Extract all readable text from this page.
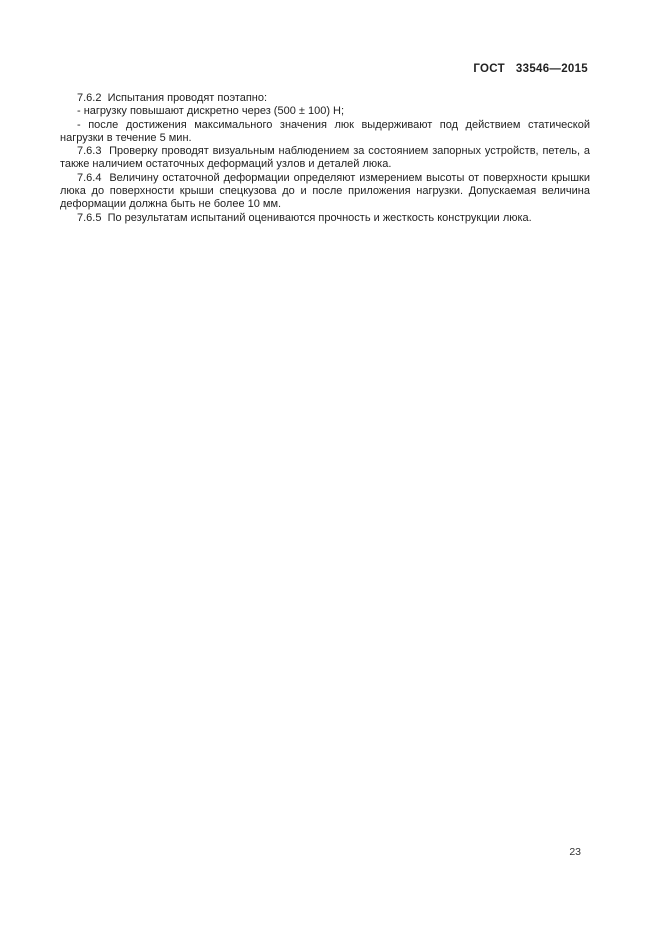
ГОСТ  33546—2015

7.6.2  Испытания проводят поэтапно:

- нагрузку повышают дискретно через (500 ± 100) Н;

- после достижения максимального значения люк выдерживают под действием статической нагрузки в течение 5 мин.

7.6.3  Проверку проводят визуальным наблюдением за состоянием запорных устройств, петель, а также наличием остаточных деформаций узлов и деталей люка.

7.6.4  Величину остаточной деформации определяют измерением высоты от поверхности крышки люка до поверхности крыши спецкузова до и после приложения нагрузки. Допускаемая величина деформации должна быть не более 10 мм.

7.6.5  По результатам испытаний оцениваются прочность и жесткость конструкции люка.

23
